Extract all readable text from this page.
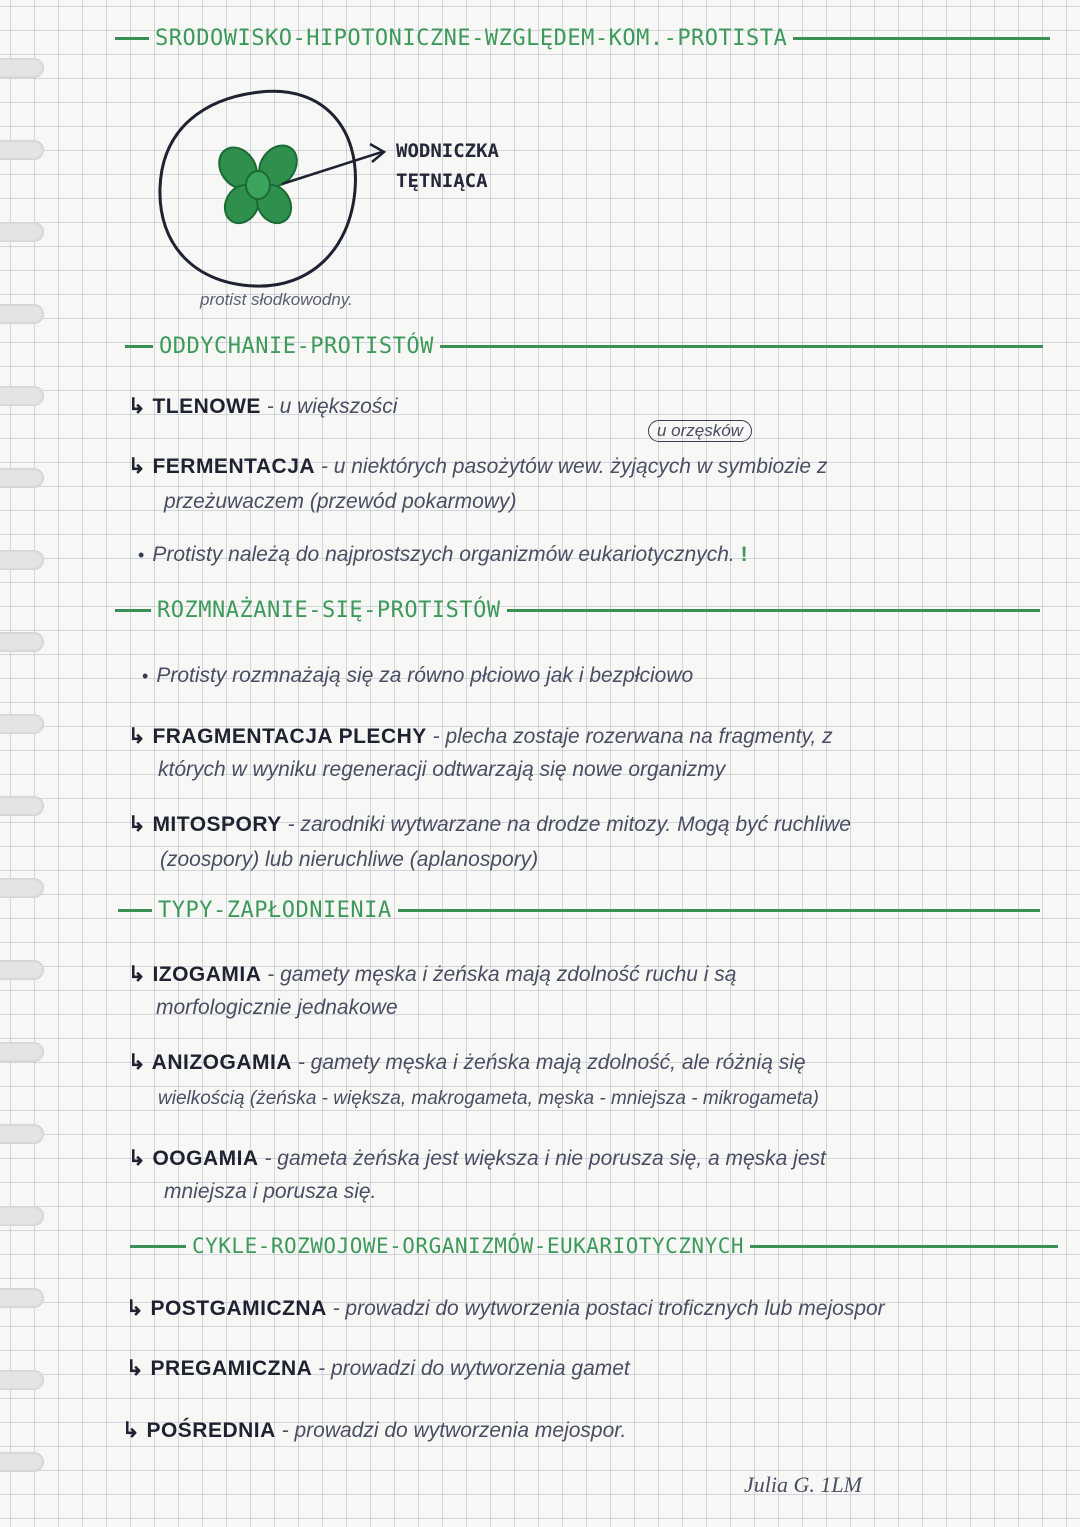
SRODOWISKO-HIPOTONICZNE-WZGLĘDEM-KOM.-PROTISTA
WODNICZKA
TĘTNIĄCA
protist słodkowodny.
ODDYCHANIE-PROTISTÓW
↳ TLENOWE - u większości
u orzęsków
↳ FERMENTACJA - u niektórych pasożytów wew. żyjących w symbiozie z
przeżuwaczem (przewód pokarmowy)
• Protisty należą do najprostszych organizmów eukariotycznych. !
ROZMNAŻANIE-SIĘ-PROTISTÓW
• Protisty rozmnażają się za równo płciowo jak i bezpłciowo
↳ FRAGMENTACJA PLECHY - plecha zostaje rozerwana na fragmenty, z
których w wyniku regeneracji odtwarzają się nowe organizmy
↳ MITOSPORY - zarodniki wytwarzane na drodze mitozy. Mogą być ruchliwe
(zoospory) lub nieruchliwe (aplanospory)
TYPY-ZAPŁODNIENIA
↳ IZOGAMIA - gamety męska i żeńska mają zdolność ruchu i są
morfologicznie jednakowe
↳ ANIZOGAMIA - gamety męska i żeńska mają zdolność, ale różnią się
wielkością (żeńska - większa, makrogameta, męska - mniejsza - mikrogameta)
↳ OOGAMIA - gameta żeńska jest większa i nie porusza się, a męska jest
mniejsza i porusza się.
CYKLE-ROZWOJOWE-ORGANIZMÓW-EUKARIOTYCZNYCH
↳ POSTGAMICZNA - prowadzi do wytworzenia postaci troficznych lub mejospor
↳ PREGAMICZNA - prowadzi do wytworzenia gamet
↳ POŚREDNIA - prowadzi do wytworzenia mejospor.
Julia G. 1LM
